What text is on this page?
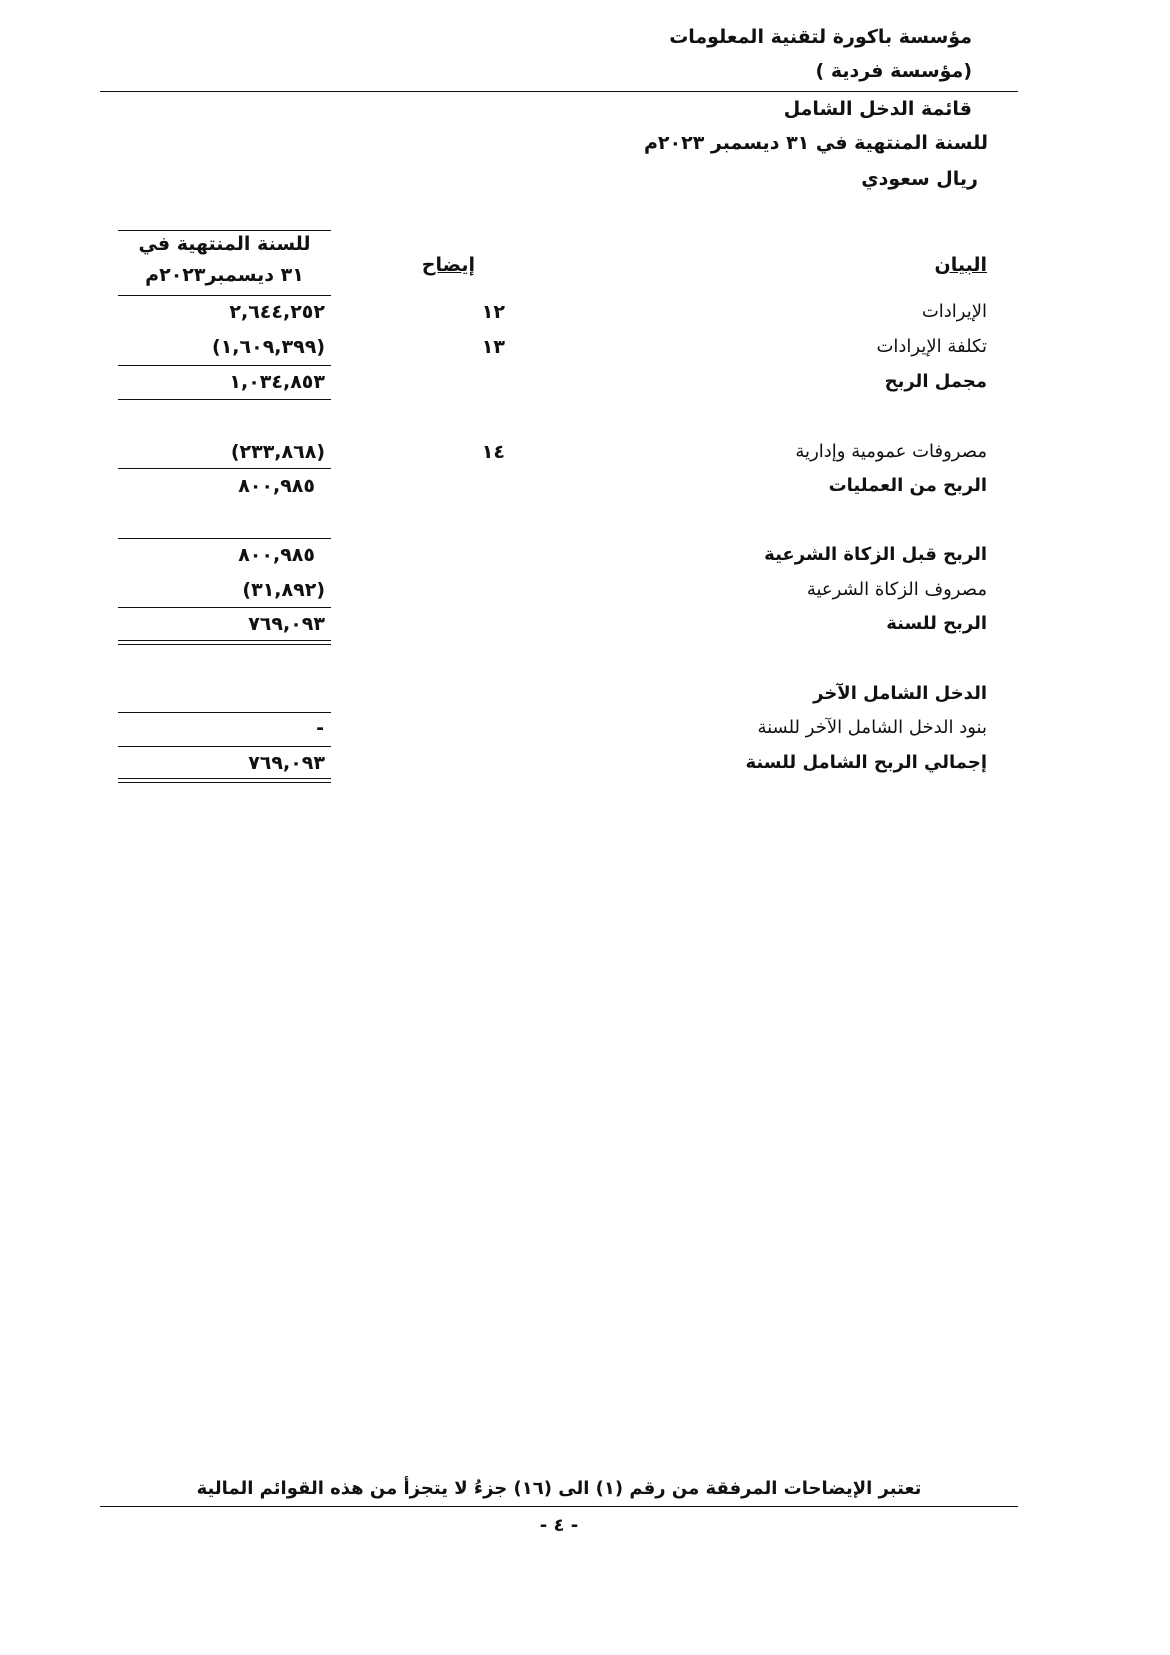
مؤسسة باكورة لتقنية المعلومات
(مؤسسة فردية )
قائمة الدخل الشامل
للسنة المنتهية في ٣١ ديسمبر ٢٠٢٣م
ريال سعودي
للسنة المنتهية في
٣١ ديسمبر٢٠٢٣م	إيضاح	البيان
الإيرادات
١٢
٢,٦٤٤,٢٥٢
تكلفة الإيرادات
١٣
(١,٦٠٩,٣٩٩)
مجمل الربح
١,٠٣٤,٨٥٣
مصروفات عمومية وإدارية
١٤
(٢٣٣,٨٦٨)
الربح من العمليات
٨٠٠,٩٨٥
الربح قبل الزكاة الشرعية
٨٠٠,٩٨٥
مصروف الزكاة الشرعية
(٣١,٨٩٢)
الربح للسنة
٧٦٩,٠٩٣
الدخل الشامل الآخر
بنود الدخل الشامل الآخر للسنة
-
إجمالي الربح الشامل للسنة
٧٦٩,٠٩٣
تعتبر الإيضاحات المرفقة من رقم (١) الى (١٦) جزءُ لا يتجزأ من هذه القوائم المالية
- ٤ -
